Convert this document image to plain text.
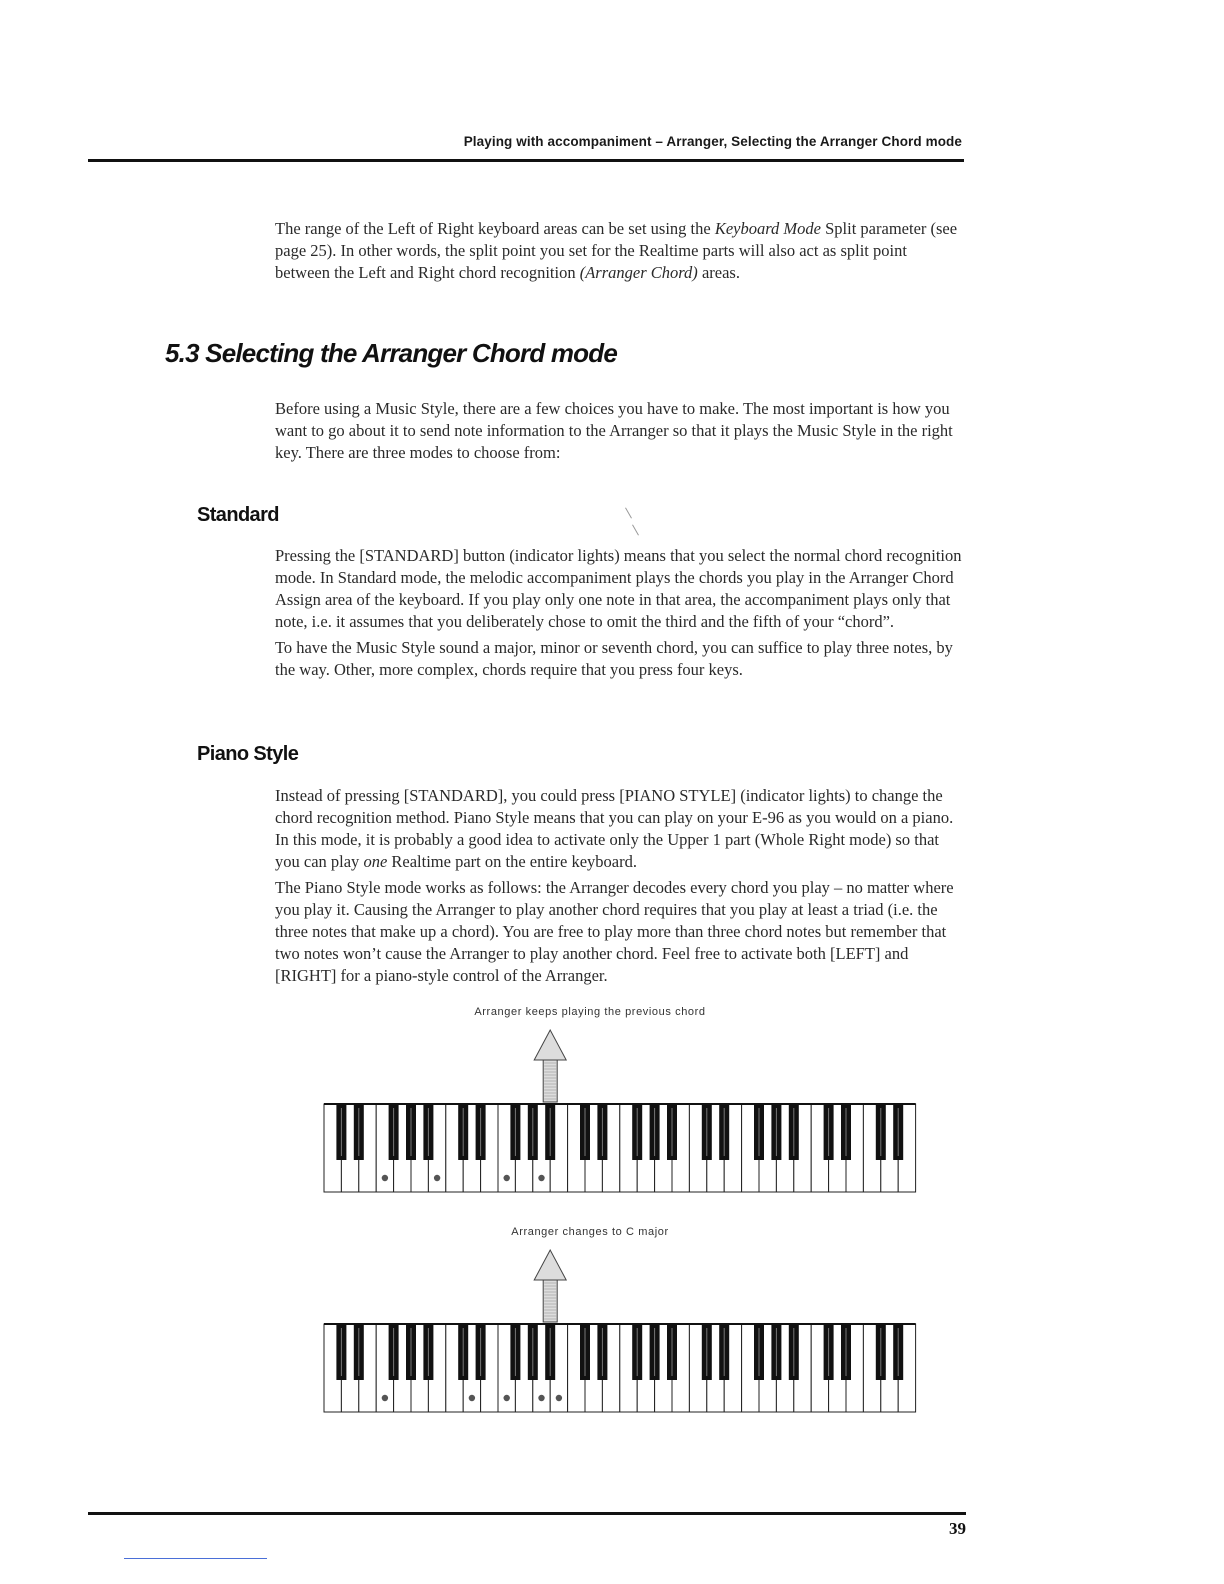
Playing with accompaniment – Arranger, Selecting the Arranger Chord mode

The range of the Left of Right keyboard areas can be set using the Keyboard Mode Split parameter (see page 25). In other words, the split point you set for the Realtime parts will also act as split point between the Left and Right chord recognition (Arranger Chord) areas.

5.3 Selecting the Arranger Chord mode

Before using a Music Style, there are a few choices you have to make. The most important is how you want to go about it to send note information to the Arranger so that it plays the Music Style in the right key. There are three modes to choose from:

Standard

Pressing the [STANDARD] button (indicator lights) means that you select the normal chord recognition mode. In Standard mode, the melodic accompaniment plays the chords you play in the Arranger Chord Assign area of the keyboard. If you play only one note in that area, the accompaniment plays only that note, i.e. it assumes that you deliberately chose to omit the third and the fifth of your “chord”.

To have the Music Style sound a major, minor or seventh chord, you can suffice to play three notes, by the way. Other, more complex, chords require that you press four keys.

Piano Style

Instead of pressing [STANDARD], you could press [PIANO STYLE] (indicator lights) to change the chord recognition method. Piano Style means that you can play on your E-96 as you would on a piano. In this mode, it is probably a good idea to activate only the Upper 1 part (Whole Right mode) so that you can play one Realtime part on the entire keyboard.

The Piano Style mode works as follows: the Arranger decodes every chord you play – no matter where you play it. Causing the Arranger to play another chord requires that you play at least a triad (i.e. the three notes that make up a chord). You are free to play more than three chord notes but remember that two notes won’t cause the Arranger to play another chord. Feel free to activate both [LEFT] and [RIGHT] for a piano-style control of the Arranger.

Arranger keeps playing the previous chord
Arranger changes to C major
39
